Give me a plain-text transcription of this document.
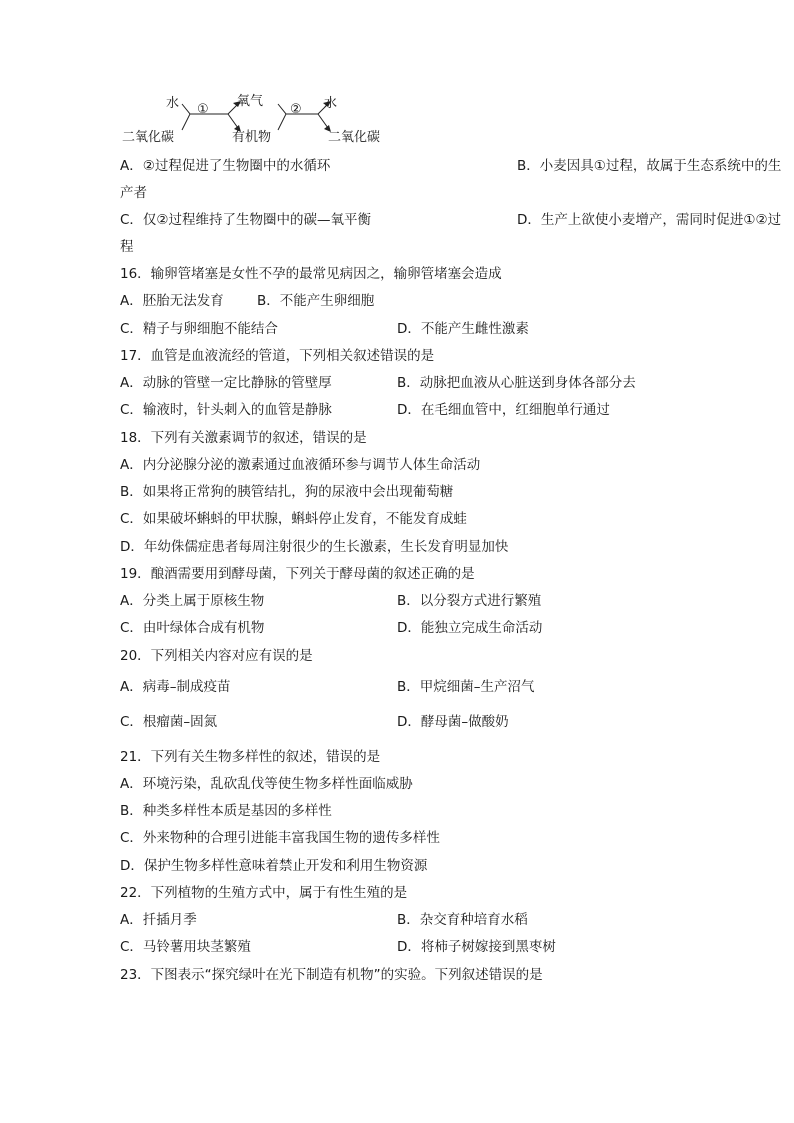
水
二氧化碳
①
氧气
有机物
② 水
二氧化碳
A．②过程促进了生物圈中的水循环	B．小麦因具①过程，故属于生态系统中的生
产者
C．仅②过程维持了生物圈中的碳—氧平衡	D．生产上欲使小麦增产，需同时促进①②过
程
16．输卵管堵塞是女性不孕的最常见病因之，输卵管堵塞会造成
A．胚胎无法发育 B．不能产生卵细胞
C．精子与卵细胞不能结合	D．不能产生雌性激素
17．血管是血液流经的管道，下列相关叙述错误的是
A．动脉的管壁一定比静脉的管壁厚	B．动脉把血液从心脏送到身体各部分去
C．输液时，针头刺入的血管是静脉	D．在毛细血管中，红细胞单行通过
18．下列有关激素调节的叙述，错误的是
A．内分泌腺分泌的激素通过血液循环参与调节人体生命活动
B．如果将正常狗的胰管结扎，狗的尿液中会出现葡萄糖
C．如果破坏蝌蚪的甲状腺，蝌蚪停止发育，不能发育成蛙
D．年幼侏儒症患者每周注射很少的生长激素，生长发育明显加快
19．酿酒需要用到酵母菌，下列关于酵母菌的叙述正确的是
A．分类上属于原核生物	B．以分裂方式进行繁殖
C．由叶绿体合成有机物	D．能独立完成生命活动
20．下列相关内容对应有误的是
A．病毒–制成疫苗	B．甲烷细菌–生产沼气
C．根瘤菌–固氮	D．酵母菌–做酸奶
21．下列有关生物多样性的叙述，错误的是
A．环境污染，乱砍乱伐等使生物多样性面临威胁
B．种类多样性本质是基因的多样性
C．外来物种的合理引进能丰富我国生物的遗传多样性
D．保护生物多样性意味着禁止开发和利用生物资源
22．下列植物的生殖方式中，属于有性生殖的是
A．扦插月季	B．杂交育种培育水稻
C．马铃薯用块茎繁殖	D．将柿子树嫁接到黑枣树
23．下图表示“探究绿叶在光下制造有机物”的实验。下列叙述错误的是
